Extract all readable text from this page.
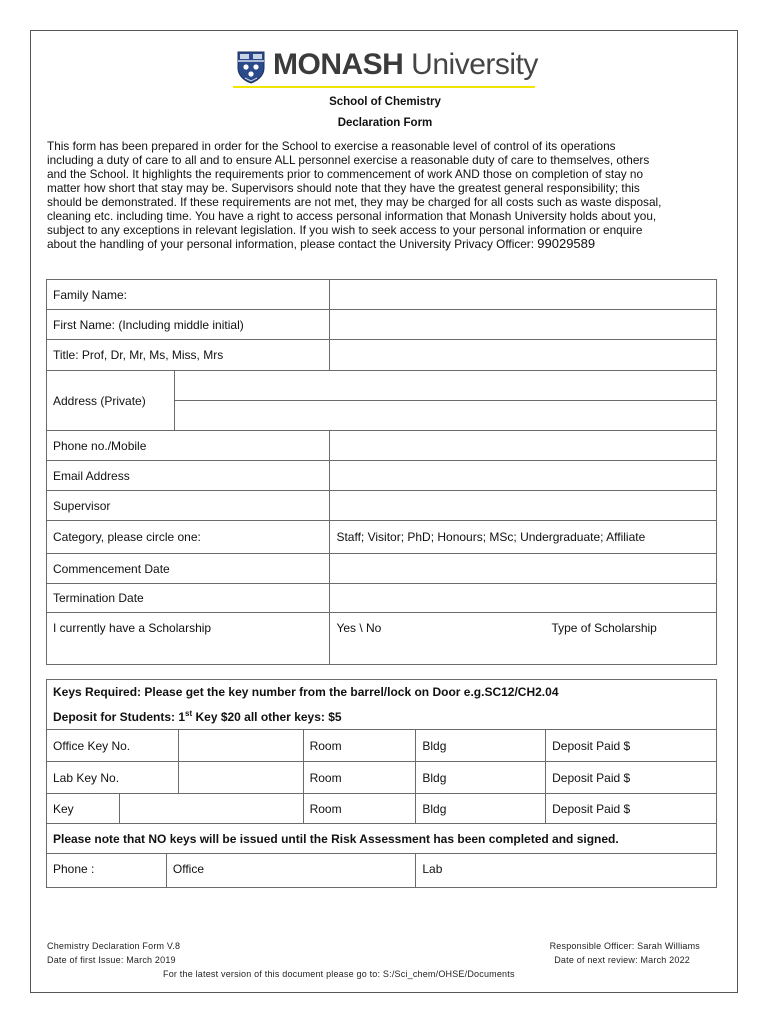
MONASH University
School of Chemistry
Declaration Form
This form has been prepared in order for the School to exercise a reasonable level of control of its operations
including a duty of care to all and to ensure ALL personnel exercise a reasonable duty of care to themselves, others
and the School. It highlights the requirements prior to commencement of work AND those on completion of stay no
matter how short that stay may be. Supervisors should note that they have the greatest general responsibility; this
should be demonstrated. If these requirements are not met, they may be charged for all costs such as waste disposal,
cleaning etc. including time. You have a right to access personal information that Monash University holds about you,
subject to any exceptions in relevant legislation. If you wish to seek access to your personal information or enquire
about the handling of your personal information, please contact the University Privacy Officer: 99029589
Family Name:		
First Name: (Including middle initial)		
Title: Prof, Dr, Mr, Ms, Miss, Mrs		
Address (Private)		

Phone no./Mobile		
Email Address		
Supervisor		
Category, please circle one:		Staff; Visitor; PhD; Honours; MSc; Undergraduate; Affiliate
Commencement Date		
Termination Date		
I currently have a Scholarship		Yes \ No Type of Scholarship
Keys Required: Please get the key number from the barrel/lock on Door e.g.SC12/CH2.04
Deposit for Students: 1st Key $20 all other keys: $5						

Office Key No.				Room	Bldg	Deposit Paid $
Lab Key No.				Room	Bldg	Deposit Paid $
Key				Room	Bldg	Deposit Paid $
Please note that NO keys will be issued until the Risk Assessment has been completed and signed.						
Phone :		Office			Lab	
Chemistry Declaration Form V.8
Date of first Issue: March 2019
Responsible Officer: Sarah Williams
Date of next review: March 2022
For the latest version of this document please go to: S:/Sci_chem/OHSE/Documents
